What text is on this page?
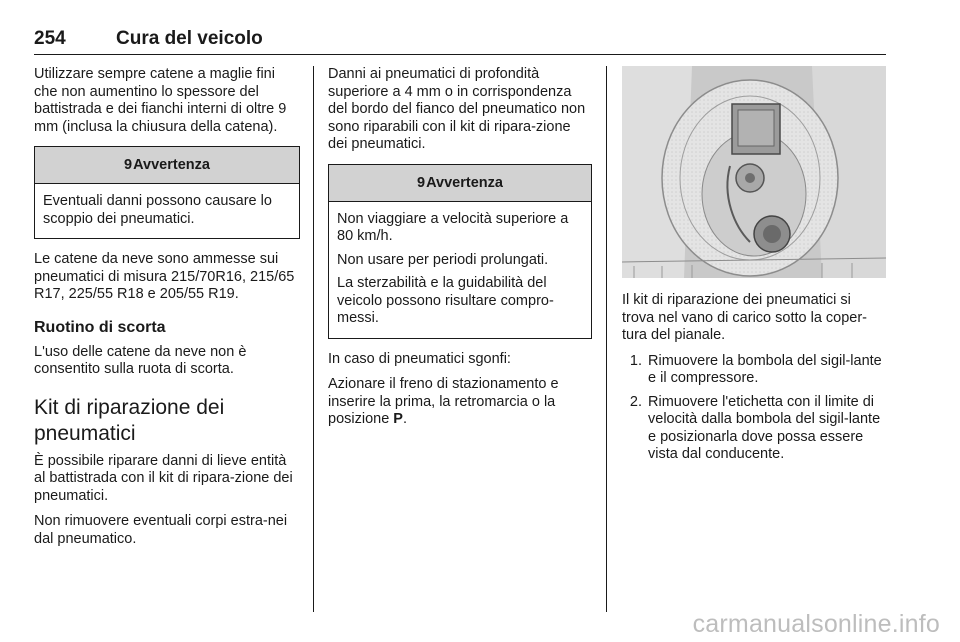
254	Cura del veicolo

Utilizzare sempre catene a maglie fini che non aumentino lo spessore del battistrada e dei fianchi interni di oltre 9 mm (inclusa la chiusura della catena).

9Avvertenza

Eventuali danni possono causare lo scoppio dei pneumatici.

Le catene da neve sono ammesse sui pneumatici di misura 215/70R16, 215/65 R17, 225/55 R18 e 205/55 R19.

Ruotino di scorta

L'uso delle catene da neve non è consentito sulla ruota di scorta.

Kit di riparazione dei pneumatici

È possibile riparare danni di lieve entità al battistrada con il kit di ripara-zione dei pneumatici.

Non rimuovere eventuali corpi estra-nei dal pneumatico.

Danni ai pneumatici di profondità superiore a 4 mm o in corrispondenza del bordo del fianco del pneumatico non sono riparabili con il kit di ripara-zione dei pneumatici.

9Avvertenza

Non viaggiare a velocità superiore a 80 km/h.

Non usare per periodi prolungati.

La sterzabilità e la guidabilità del veicolo possono risultare compro-messi.

In caso di pneumatici sgonfi:

Azionare il freno di stazionamento e inserire la prima, la retromarcia o la posizione P.

Il kit di riparazione dei pneumatici si trova nel vano di carico sotto la coper-tura del pianale.

1. Rimuovere la bombola del sigil-lante e il compressore.
2. Rimuovere l'etichetta con il limite di velocità dalla bombola del sigil-lante e posizionarla dove possa essere vista dal conducente.
carmanualsonline.info
